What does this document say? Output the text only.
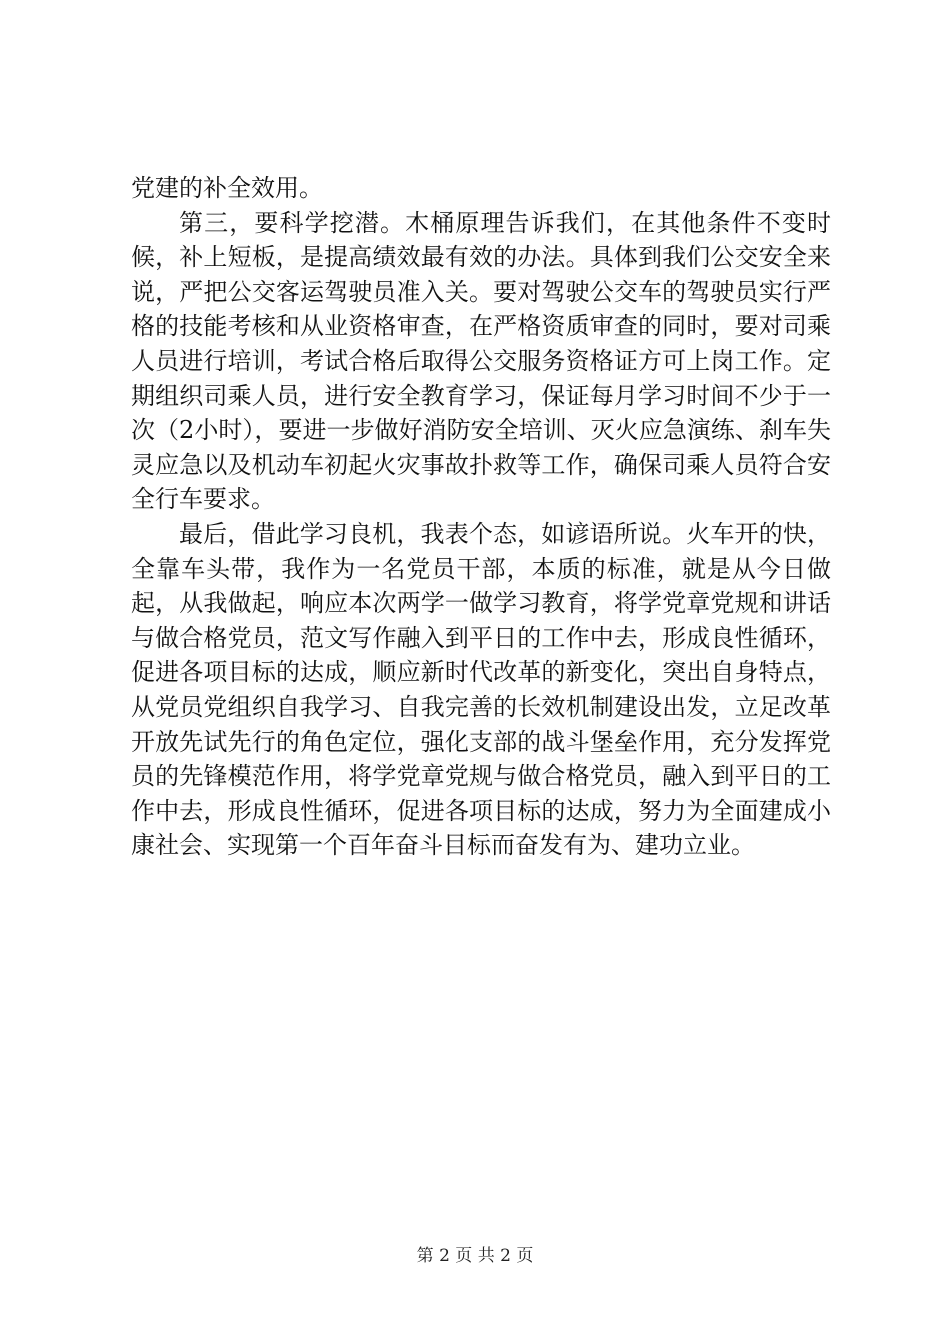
党建的补全效用。

第三，要科学挖潜。木桶原理告诉我们，在其他条件不变时候，补上短板，是提高绩效最有效的办法。具体到我们公交安全来说，严把公交客运驾驶员准入关。要对驾驶公交车的驾驶员实行严格的技能考核和从业资格审查，在严格资质审查的同时，要对司乘人员进行培训，考试合格后取得公交服务资格证方可上岗工作。定期组织司乘人员，进行安全教育学习，保证每月学习时间不少于一次（2小时），要进一步做好消防安全培训、灭火应急演练、刹车失灵应急以及机动车初起火灾事故扑救等工作，确保司乘人员符合安全行车要求。

最后，借此学习良机，我表个态，如谚语所说。火车开的快，全靠车头带，我作为一名党员干部，本质的标准，就是从今日做起，从我做起，响应本次两学一做学习教育，将学党章党规和讲话与做合格党员，范文写作融入到平日的工作中去，形成良性循环，促进各项目标的达成，顺应新时代改革的新变化，突出自身特点，从党员党组织自我学习、自我完善的长效机制建设出发，立足改革开放先试先行的角色定位，强化支部的战斗堡垒作用，充分发挥党员的先锋模范作用，将学党章党规与做合格党员，融入到平日的工作中去，形成良性循环，促进各项目标的达成，努力为全面建成小康社会、实现第一个百年奋斗目标而奋发有为、建功立业。

第 2 页 共 2 页
